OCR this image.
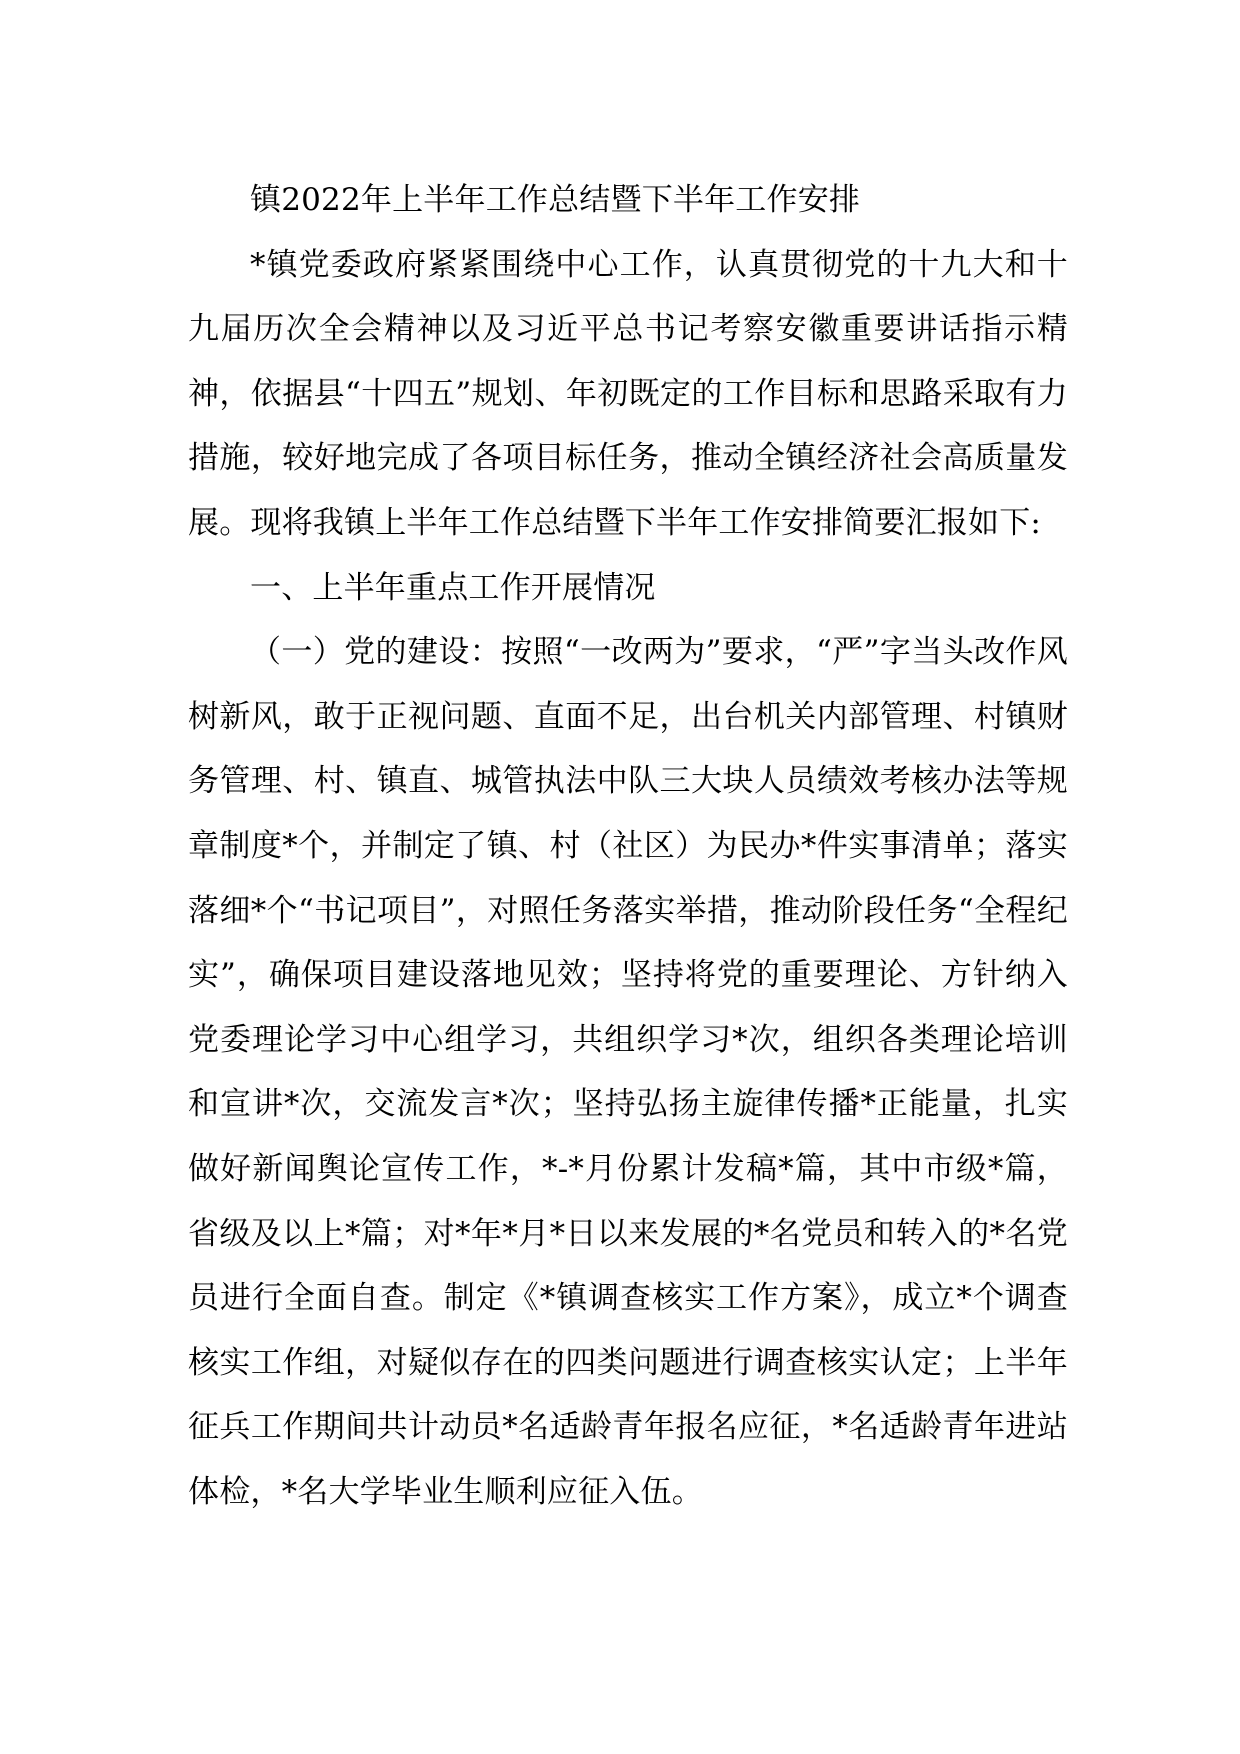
镇2022年上半年工作总结暨下半年工作安排

*镇党委政府紧紧围绕中心工作，认真贯彻党的十九大和十九届历次全会精神以及习近平总书记考察安徽重要讲话指示精神，依据县“十四五”规划、年初既定的工作目标和思路采取有力措施，较好地完成了各项目标任务，推动全镇经济社会高质量发展。现将我镇上半年工作总结暨下半年工作安排简要汇报如下:

一、上半年重点工作开展情况

（一）党的建设：按照“一改两为”要求，“严”字当头改作风树新风，敢于正视问题、直面不足，出台机关内部管理、村镇财务管理、村、镇直、城管执法中队三大块人员绩效考核办法等规章制度*个，并制定了镇、村（社区）为民办*件实事清单；落实落细*个“书记项目”，对照任务落实举措，推动阶段任务“全程纪实”，确保项目建设落地见效；坚持将党的重要理论、方针纳入党委理论学习中心组学习，共组织学习*次，组织各类理论培训和宣讲*次，交流发言*次；坚持弘扬主旋律传播*正能量，扎实做好新闻舆论宣传工作，*-*月份累计发稿*篇，其中市级*篇，省级及以上*篇；对*年*月*日以来发展的*名党员和转入的*名党员进行全面自查。制定《*镇调查核实工作方案》，成立*个调查核实工作组，对疑似存在的四类问题进行调查核实认定；上半年征兵工作期间共计动员*名适龄青年报名应征，*名适龄青年进站体检，*名大学毕业生顺利应征入伍。
